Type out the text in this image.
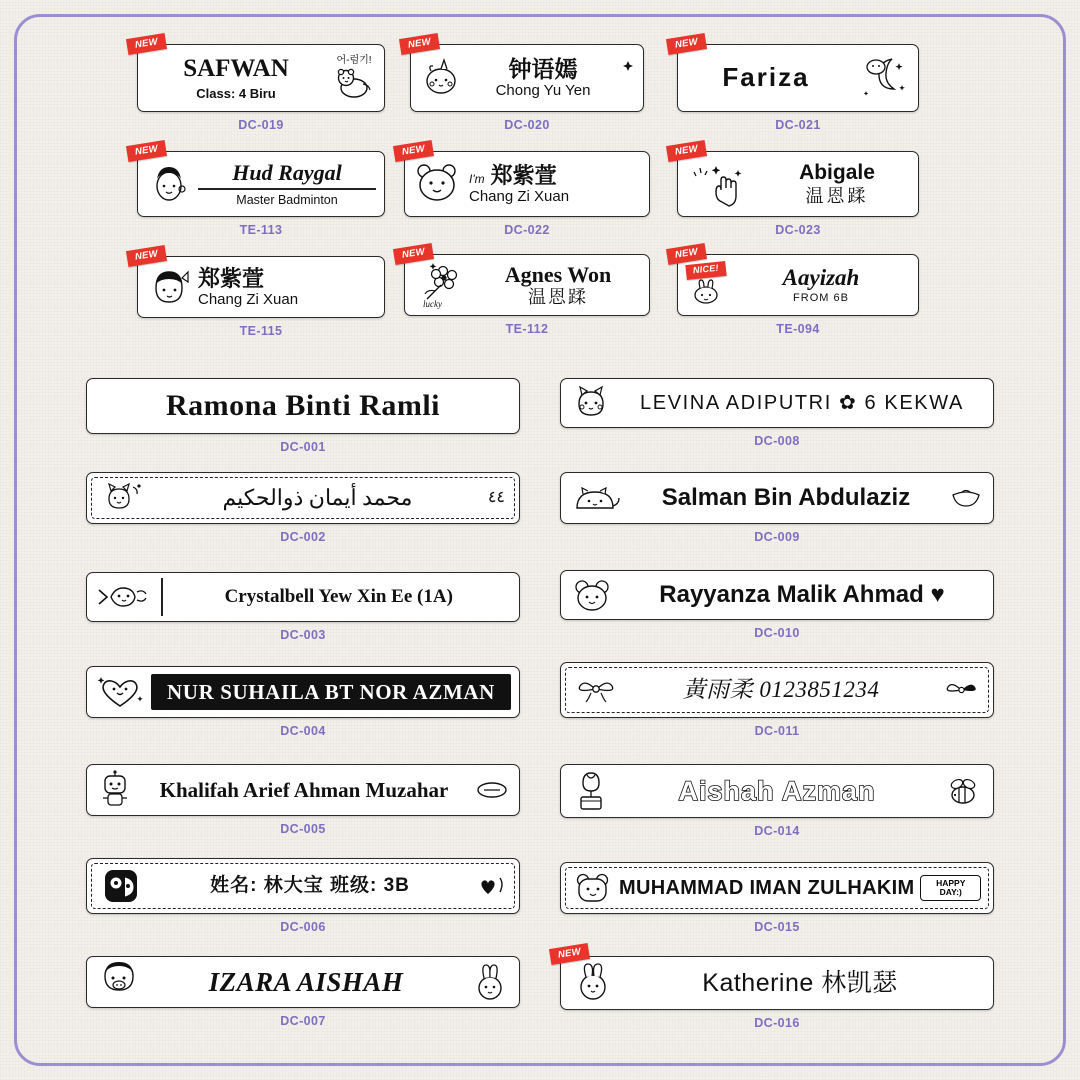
NEW
SAFWAN
Class: 4 Biru
어-럼기!
DC-019
NEW
钟语嫣
Chong Yu Yen
DC-020
NEW
Fariza
DC-021
NEW
Hud Raygal
Master Badminton
TE-113
NEW
I'm 郑紫萱
Chang Zi Xuan
DC-022
NEW
Abigale
温恩蹂
DC-023
NEW
郑紫萱
Chang Zi Xuan
TE-115
NEW
lucky
Agnes Won
温恩蹂
TE-112
NEW
NICE!	Aayizah
FROM 6B
TE-094
Ramona Binti Ramli
DC-001
محمد أيمان ذوالحكيم	٤٤
DC-002
Crystalbell Yew Xin Ee (1A)
DC-003
NUR SUHAILA BT NOR AZMAN
DC-004
Khalifah Arief Ahman Muzahar
DC-005
姓名: 林大宝 班级: 3B
DC-006
IZARA AISHAH
DC-007
LEVINA ADIPUTRI ✿ 6 KEKWA
DC-008
Salman Bin Abdulaziz
DC-009
Rayyanza Malik Ahmad ♥
DC-010
黃雨柔 0123851234
DC-011
Aishah Azman
DC-014
MUHAMMAD IMAN ZULHAKIM	HAPPY DAY:)
DC-015
NEW
Katherine 林凯瑟
DC-016
